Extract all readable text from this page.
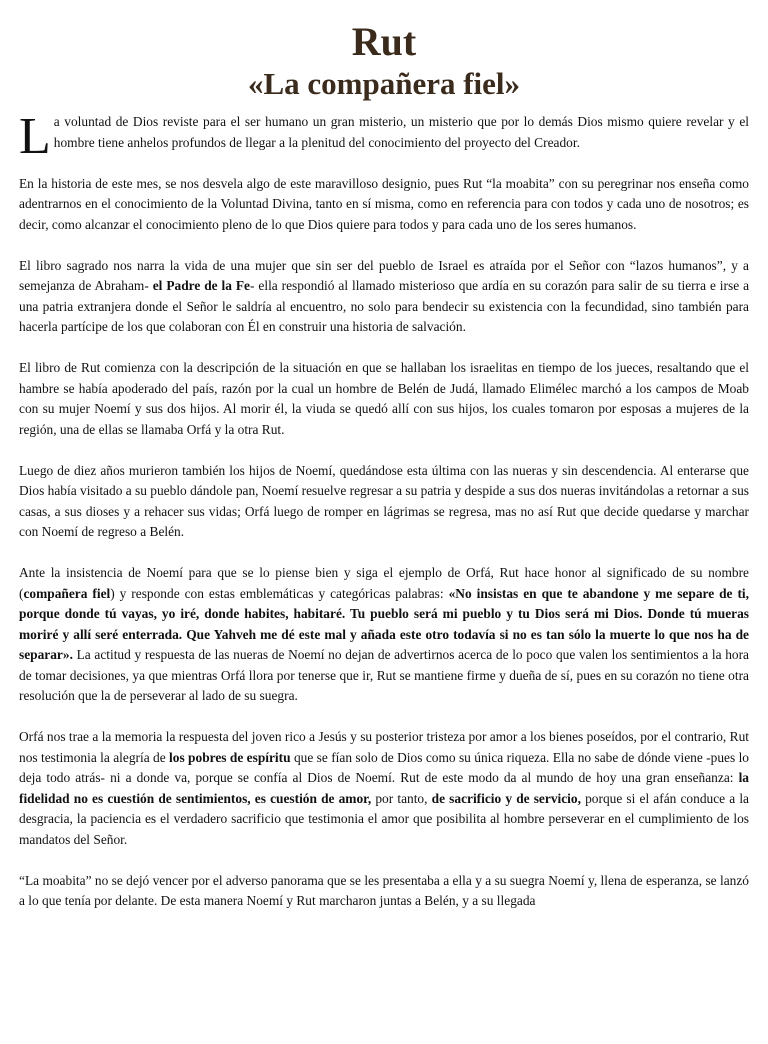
Rut
«La compañera fiel»

La voluntad de Dios reviste para el ser humano un gran misterio, un misterio que por lo demás Dios mismo quiere revelar y el hombre tiene anhelos profundos de llegar a la plenitud del conocimiento del proyecto del Creador.

En la historia de este mes, se nos desvela algo de este maravilloso designio, pues Rut “la moabita” con su peregrinar nos enseña como adentrarnos en el conocimiento de la Voluntad Divina, tanto en sí misma, como en referencia para con todos y cada uno de nosotros; es decir, como alcanzar el conocimiento pleno de lo que Dios quiere para todos y para cada uno de los seres humanos.

El libro sagrado nos narra la vida de una mujer que sin ser del pueblo de Israel es atraída por el Señor con “lazos humanos”, y a semejanza de Abraham- el Padre de la Fe- ella respondió al llamado misterioso que ardía en su corazón para salir de su tierra e irse a una patria extranjera donde el Señor le saldría al encuentro, no solo para bendecir su existencia con la fecundidad, sino también para hacerla partícipe de los que colaboran con Él en construir una historia de salvación.

El libro de Rut comienza con la descripción de la situación en que se hallaban los israelitas en tiempo de los jueces, resaltando que el hambre se había apoderado del país, razón por la cual un hombre de Belén de Judá, llamado Elimélec marchó a los campos de Moab con su mujer Noemí y sus dos hijos. Al morir él, la viuda se quedó allí con sus hijos, los cuales tomaron por esposas a mujeres de la región, una de ellas se llamaba Orfá y la otra Rut.

Luego de diez años murieron también los hijos de Noemí, quedándose esta última con las nueras y sin descendencia. Al enterarse que Dios había visitado a su pueblo dándole pan, Noemí resuelve regresar a su patria y despide a sus dos nueras invitándolas a retornar a sus casas, a sus dioses y a rehacer sus vidas; Orfá luego de romper en lágrimas se regresa, mas no así Rut que decide quedarse y marchar con Noemí de regreso a Belén.

Ante la insistencia de Noemí para que se lo piense bien y siga el ejemplo de Orfá, Rut hace honor al significado de su nombre (compañera fiel) y responde con estas emblemáticas y categóricas palabras: «No insistas en que te abandone y me separe de ti, porque donde tú vayas, yo iré, donde habites, habitaré. Tu pueblo será mi pueblo y tu Dios será mi Dios. Donde tú mueras moriré y allí seré enterrada. Que Yahveh me dé este mal y añada este otro todavía si no es tan sólo la muerte lo que nos ha de separar». La actitud y respuesta de las nueras de Noemí no dejan de advertirnos acerca de lo poco que valen los sentimientos a la hora de tomar decisiones, ya que mientras Orfá llora por tenerse que ir, Rut se mantiene firme y dueña de sí, pues en su corazón no tiene otra resolución que la de perseverar al lado de su suegra.

Orfá nos trae a la memoria la respuesta del joven rico a Jesús y su posterior tristeza por amor a los bienes poseídos, por el contrario, Rut nos testimonia la alegría de los pobres de espíritu que se fían solo de Dios como su única riqueza. Ella no sabe de dónde viene -pues lo deja todo atrás- ni a donde va, porque se confía al Dios de Noemí. Rut de este modo da al mundo de hoy una gran enseñanza: la fidelidad no es cuestión de sentimientos, es cuestión de amor, por tanto, de sacrificio y de servicio, porque si el afán conduce a la desgracia, la paciencia es el verdadero sacrificio que testimonia el amor que posibilita al hombre perseverar en el cumplimiento de los mandatos del Señor.

“La moabita” no se dejó vencer por el adverso panorama que se les presentaba a ella y a su suegra Noemí y, llena de esperanza, se lanzó a lo que tenía por delante. De esta manera Noemí y Rut marcharon juntas a Belén, y a su llegada
